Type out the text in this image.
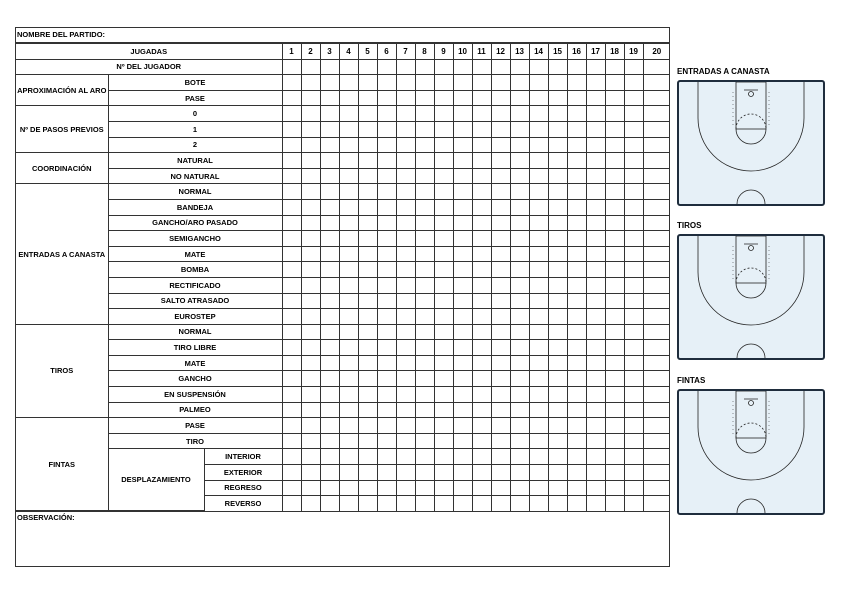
NOMBRE DEL PARTIDO:
JUGADAS			1	2	3	4	5	6	7	8	9	10	11	12	13	14	15	16	17	18	19	20
Nº DEL JUGADOR																						
APROXIMACIÓN AL ARO	BOTE																					
	PASE																					
Nº DE PASOS PREVIOS	0																					
	1																					
	2																					
COORDINACIÓN	NATURAL																					
	NO NATURAL																					
ENTRADAS A CANASTA	NORMAL																					
	BANDEJA																					
	GANCHO/ARO PASADO																					
	SEMIGANCHO																					
	MATE																					
	BOMBA																					
	RECTIFICADO																					
	SALTO ATRASADO																					
	EUROSTEP																					
TIROS	NORMAL																					
	TIRO LIBRE																					
	MATE																					
	GANCHO																					
	EN SUSPENSIÓN																					
	PALMEO																					
FINTAS	PASE																					
	TIRO																					
	DESPLAZAMIENTO	INTERIOR																				
		EXTERIOR																				
		REGRESO																				
		REVERSO																				
OBSERVACIÓN:
ENTRADAS A CANASTA
TIROS
FINTAS
